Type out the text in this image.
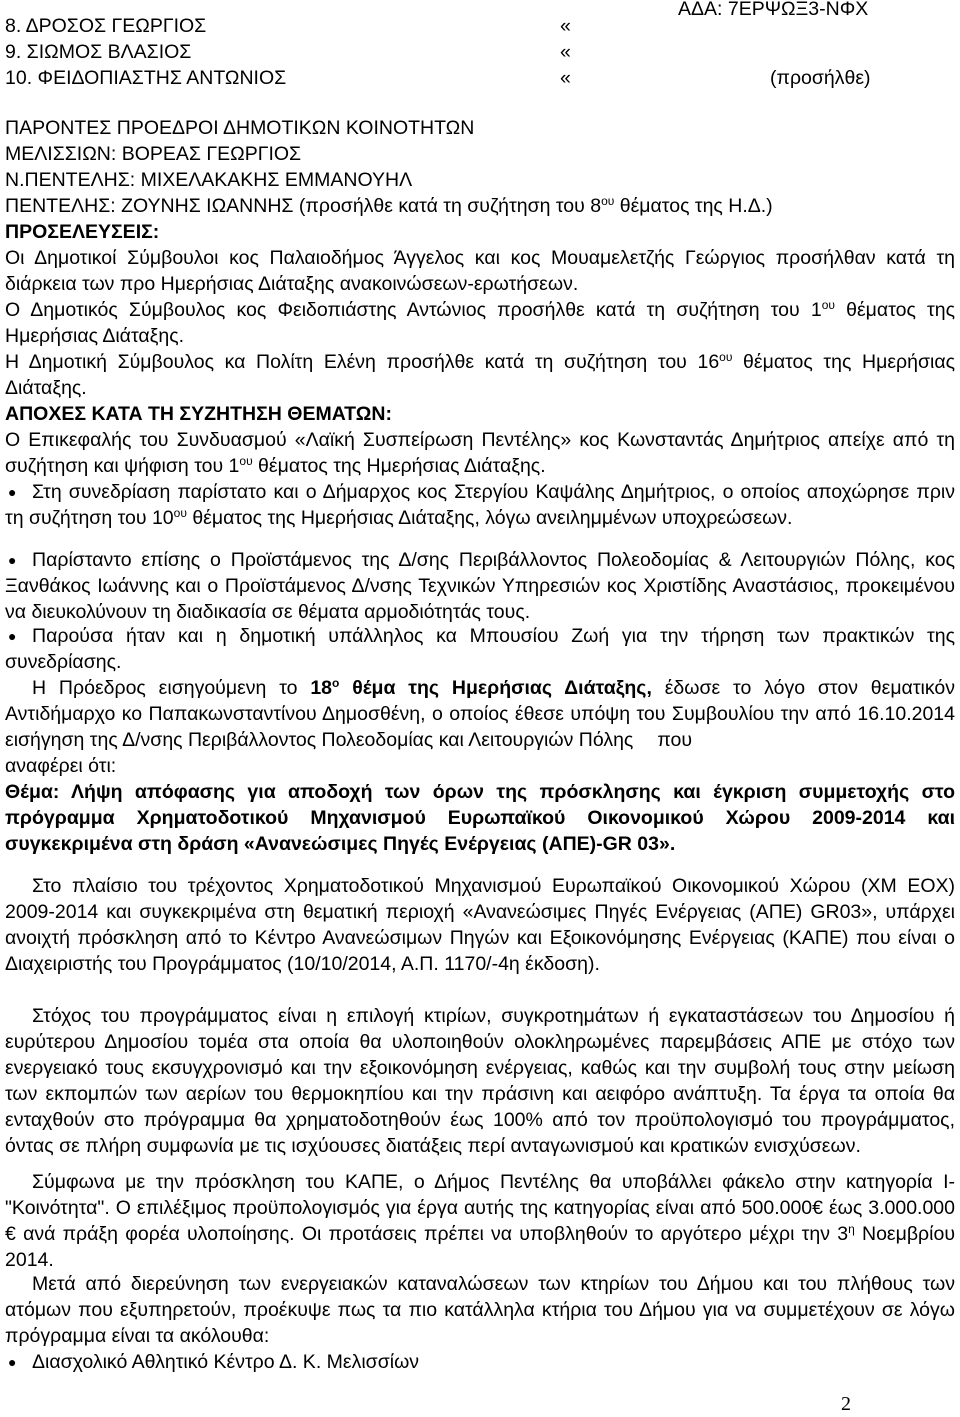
ΑΔΑ: 7ΕΡΨΩΞ3-ΝΦΧ
8. ΔΡΟΣΟΣ ΓΕΩΡΓΙΟΣ	«
9. ΣΙΩΜΟΣ ΒΛΑΣΙΟΣ	«
10. ΦΕΙΔΟΠΙΑΣΤΗΣ ΑΝΤΩΝΙΟΣ	«	(προσήλθε)
ΠΑΡΟΝΤΕΣ ΠΡΟΕΔΡΟΙ ΔΗΜΟΤΙΚΩΝ ΚΟΙΝΟΤΗΤΩΝ
ΜΕΛΙΣΣΙΩΝ: ΒΟΡΕΑΣ ΓΕΩΡΓΙΟΣ
Ν.ΠΕΝΤΕΛΗΣ: ΜΙΧΕΛΑΚΑΚΗΣ ΕΜΜΑΝΟΥΗΛ
ΠΕΝΤΕΛΗΣ: ΖΟΥΝΗΣ ΙΩΑΝΝΗΣ (προσήλθε κατά τη συζήτηση του $8^{o\upsilon}$ θέματος της Η.Δ.)
ΠΡΟΣΕΛΕΥΣΕΙΣ:
Οι Δημοτικοί Σύμβουλοι κος Παλαιοδήμος Άγγελος και κος Μουαμελετζής Γεώργιος προσήλθαν κατά τη διάρκεια των προ Ημερήσιας Διάταξης ανακοινώσεων-ερωτήσεων.
Ο Δημοτικός Σύμβουλος κος Φειδοπιάστης Αντώνιος προσήλθε κατά τη συζήτηση του $1^{o\upsilon}$ θέματος της Ημερήσιας Διάταξης.
Η Δημοτική Σύμβουλος κα Πολίτη Ελένη προσήλθε κατά τη συζήτηση του $16^{o\upsilon}$ θέματος της Ημερήσιας Διάταξης.
ΑΠΟΧΕΣ ΚΑΤΑ ΤΗ ΣΥΖΗΤΗΣΗ ΘΕΜΑΤΩΝ:
Ο Επικεφαλής του Συνδυασμού «Λαϊκή Συσπείρωση Πεντέλης» κος Κωνσταντάς Δημήτριος απείχε από τη συζήτηση και ψήφιση του $1^{o\upsilon}$ θέματος της Ημερήσιας Διάταξης.
● Στη συνεδρίαση παρίστατο και ο Δήμαρχος κος Στεργίου Καψάλης Δημήτριος, ο οποίος αποχώρησε πριν τη συζήτηση του $10^{o\upsilon}$ θέματος της Ημερήσιας Διάταξης, λόγω ανειλημμένων υποχρεώσεων.
● Παρίσταντο επίσης ο Προϊστάμενος της Δ/σης Περιβάλλοντος Πολεοδομίας & Λειτουργιών Πόλης, κος Ξανθάκος Ιωάννης και ο Προϊστάμενος Δ/νσης Τεχνικών Υπηρεσιών κος Χριστίδης Αναστάσιος, προκειμένου να διευκολύνουν τη διαδικασία σε θέματα αρμοδιότητάς τους.
● Παρούσα ήταν και η δημοτική υπάλληλος κα Μπουσίου Ζωή για την τήρηση των πρακτικών της συνεδρίασης.
Η Πρόεδρος εισηγούμενη το $18^o$ θέμα της Ημερήσιας Διάταξης, έδωσε το λόγο στον θεματικόν Αντιδήμαρχο κο Παπακωνσταντίνου Δημοσθένη, ο οποίος έθεσε υπόψη του Συμβουλίου την από 16.10.2014 εισήγηση της Δ/νσης Περιβάλλοντος Πολεοδομίας και Λειτουργιών Πόλης που
αναφέρει ότι:
Θέμα: Λήψη απόφασης για αποδοχή των όρων της πρόσκλησης και έγκριση συμμετοχής στο πρόγραμμα Χρηματοδοτικού Μηχανισμού Ευρωπαϊκού Οικονομικού Χώρου 2009-2014 και συγκεκριμένα στη δράση «Ανανεώσιμες Πηγές Ενέργειας (ΑΠΕ)-GR 03».
Στο πλαίσιο του τρέχοντος Χρηματοδοτικού Μηχανισμού Ευρωπαϊκού Οικονομικού Χώρου (ΧΜ ΕΟΧ) 2009-2014 και συγκεκριμένα στη θεματική περιοχή «Ανανεώσιμες Πηγές Ενέργειας (ΑΠΕ) GR03», υπάρχει ανοιχτή πρόσκληση από το Κέντρο Ανανεώσιμων Πηγών και Εξοικονόμησης Ενέργειας (ΚΑΠΕ) που είναι ο Διαχειριστής του Προγράμματος (10/10/2014, Α.Π. 1170/-4η έκδοση).
Στόχος του προγράμματος είναι η επιλογή κτιρίων, συγκροτημάτων ή εγκαταστάσεων του Δημοσίου ή ευρύτερου Δημοσίου τομέα στα οποία θα υλοποιηθούν ολοκληρωμένες παρεμβάσεις ΑΠΕ με στόχο των ενεργειακό τους εκσυγχρονισμό και την εξοικονόμηση ενέργειας, καθώς και την συμβολή τους στην μείωση των εκπομπών των αερίων του θερμοκηπίου και την πράσινη και αειφόρο ανάπτυξη. Τα έργα τα οποία θα ενταχθούν στο πρόγραμμα θα χρηματοδοτηθούν έως 100% από τον προϋπολογισμό του προγράμματος, όντας σε πλήρη συμφωνία με τις ισχύουσες διατάξεις περί ανταγωνισμού και κρατικών ενισχύσεων.
Σύμφωνα με την πρόσκληση του ΚΑΠΕ, ο Δήμος Πεντέλης θα υποβάλλει φάκελο στην κατηγορία Ι- "Κοινότητα". Ο επιλέξιμος προϋπολογισμός για έργα αυτής της κατηγορίας είναι από 500.000€ έως 3.000.000 € ανά πράξη φορέα υλοποίησης. Οι προτάσεις πρέπει να υποβληθούν το αργότερο μέχρι την $3^\eta$ Νοεμβρίου 2014.
Μετά από διερεύνηση των ενεργειακών καταναλώσεων των κτηρίων του Δήμου και του πλήθους των ατόμων που εξυπηρετούν, προέκυψε πως τα πιο κατάλληλα κτήρια του Δήμου για να συμμετέχουν σε λόγω πρόγραμμα είναι τα ακόλουθα:
● Διασχολικό Αθλητικό Κέντρο Δ. Κ. Μελισσίων
2
